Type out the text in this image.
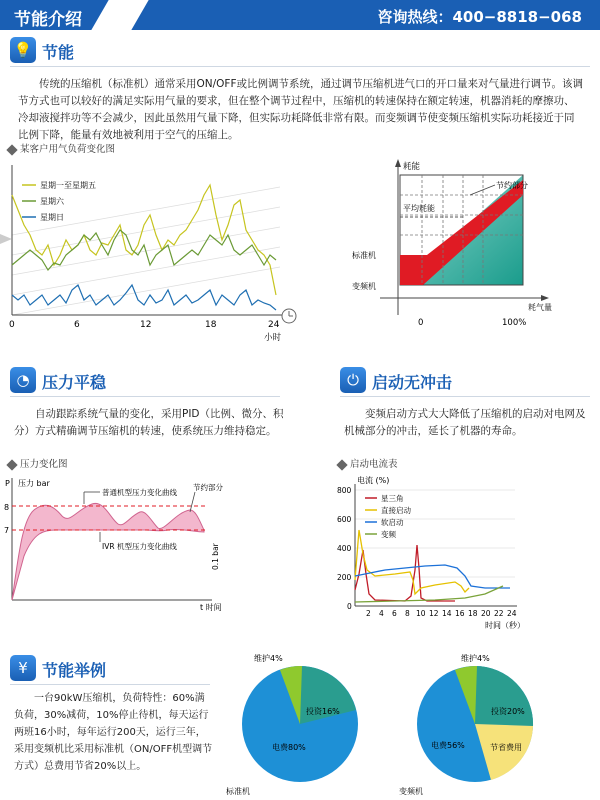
节能介绍	咨询热线：400−8818−068
💡 节能
传统的压缩机（标准机）通常采用ON/OFF或比例调节系统，通过调节压缩机进气口的开口量来对气量进行调节。该调节方式也可以较好的满足实际用气量的要求，但在整个调节过程中，压缩机的转速保持在额定转速，机器消耗的摩擦功、冷却液搅拌功等不会减少，因此虽然用气量下降，但实际功耗降低非常有限。而变频调节使变频压缩机实际功耗接近于同比例下降，能量有效地被利用于空气的压缩上。
某客户用气负荷变化图
星期一至星期五
星期六
星期日
0	6	12	18	24
小时
耗能
节约部分
平均耗能
标准机
变频机
耗气量
0	100%
◔ 压力平稳
自动跟踪系统气量的变化，采用PID（比例、微分、积分）方式精确调节压缩机的转速，使系统压力维持稳定。
压力变化图
P 压力 bar
8
7
普通机型压力变化曲线
节约部分
IVR 机型压力变化曲线	0.1 bar
t 时间
⏻ 启动无冲击
变频启动方式大大降低了压缩机的启动对电网及机械部分的冲击，延长了机器的寿命。
启动电流表
电流 (%)
800
600
400
200
0
星三角
直接启动
软启动
变频
2 4 6 8 10 12 14 16 18 20 22 24
时间（秒）
¥ 节能举例
一台90kW压缩机，负荷特性：60%满负荷，30%减荷，10%停止待机，每天运行两班16小时，每年运行200天，运行三年，采用变频机比采用标准机（ON/OFF机型调节方式）总费用节省20%以上。
维护4%
投资16%
电费80%
标准机
维护4%
投资20%
电费56%	节省费用
变频机
